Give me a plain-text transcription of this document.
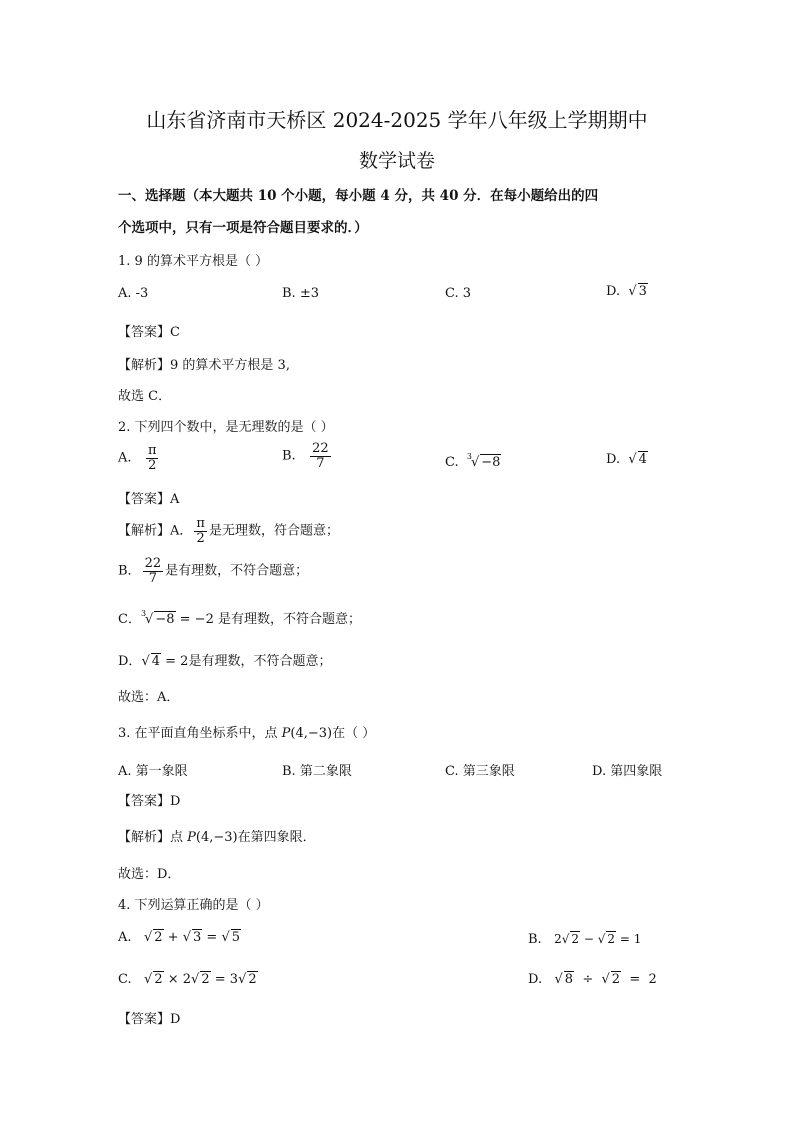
山东省济南市天桥区 2024-2025 学年八年级上学期期中
数学试卷
一、选择题（本大题共 10 个小题，每小题 4 分，共 40 分．在每小题给出的四
个选项中，只有一项是符合题目要求的．）
1. 9 的算术平方根是（ ）
A. -3	B. ±3	C. 3	D.  √ 3
【答案】C
【解析】9 的算术平方根是 3,
故选 C．
2. 下列四个数中，是无理数的是（ ）
A. $\frac{\pi}{2}$	B. $\frac{22}{7}$	C. $^3$√ −8	D. √ 4
【答案】A
【解析】A． $\frac{\pi}{2}$ 是无理数，符合题意；
B． $\frac{22}{7}$ 是有理数，不符合题意；
C．$^3$√ −8 = −2 是有理数，不符合题意；
D．√ 4 = 2是有理数，不符合题意；
故选：A．
3. 在平面直角坐标系中，点 P(4,−3)在（ ）
A. 第一象限	B. 第二象限	C. 第三象限	D. 第四象限
【答案】D
【解析】点 P(4,−3)在第四象限．
故选：D．
4. 下列运算正确的是（ ）
A. √ 2 + √ 3 = √ 5	B. 2√ 2 − √ 2 = 1
C. √ 2 × 2√ 2 = 3√ 2	D. √ 8  ÷  √ 2  =  2
【答案】D
